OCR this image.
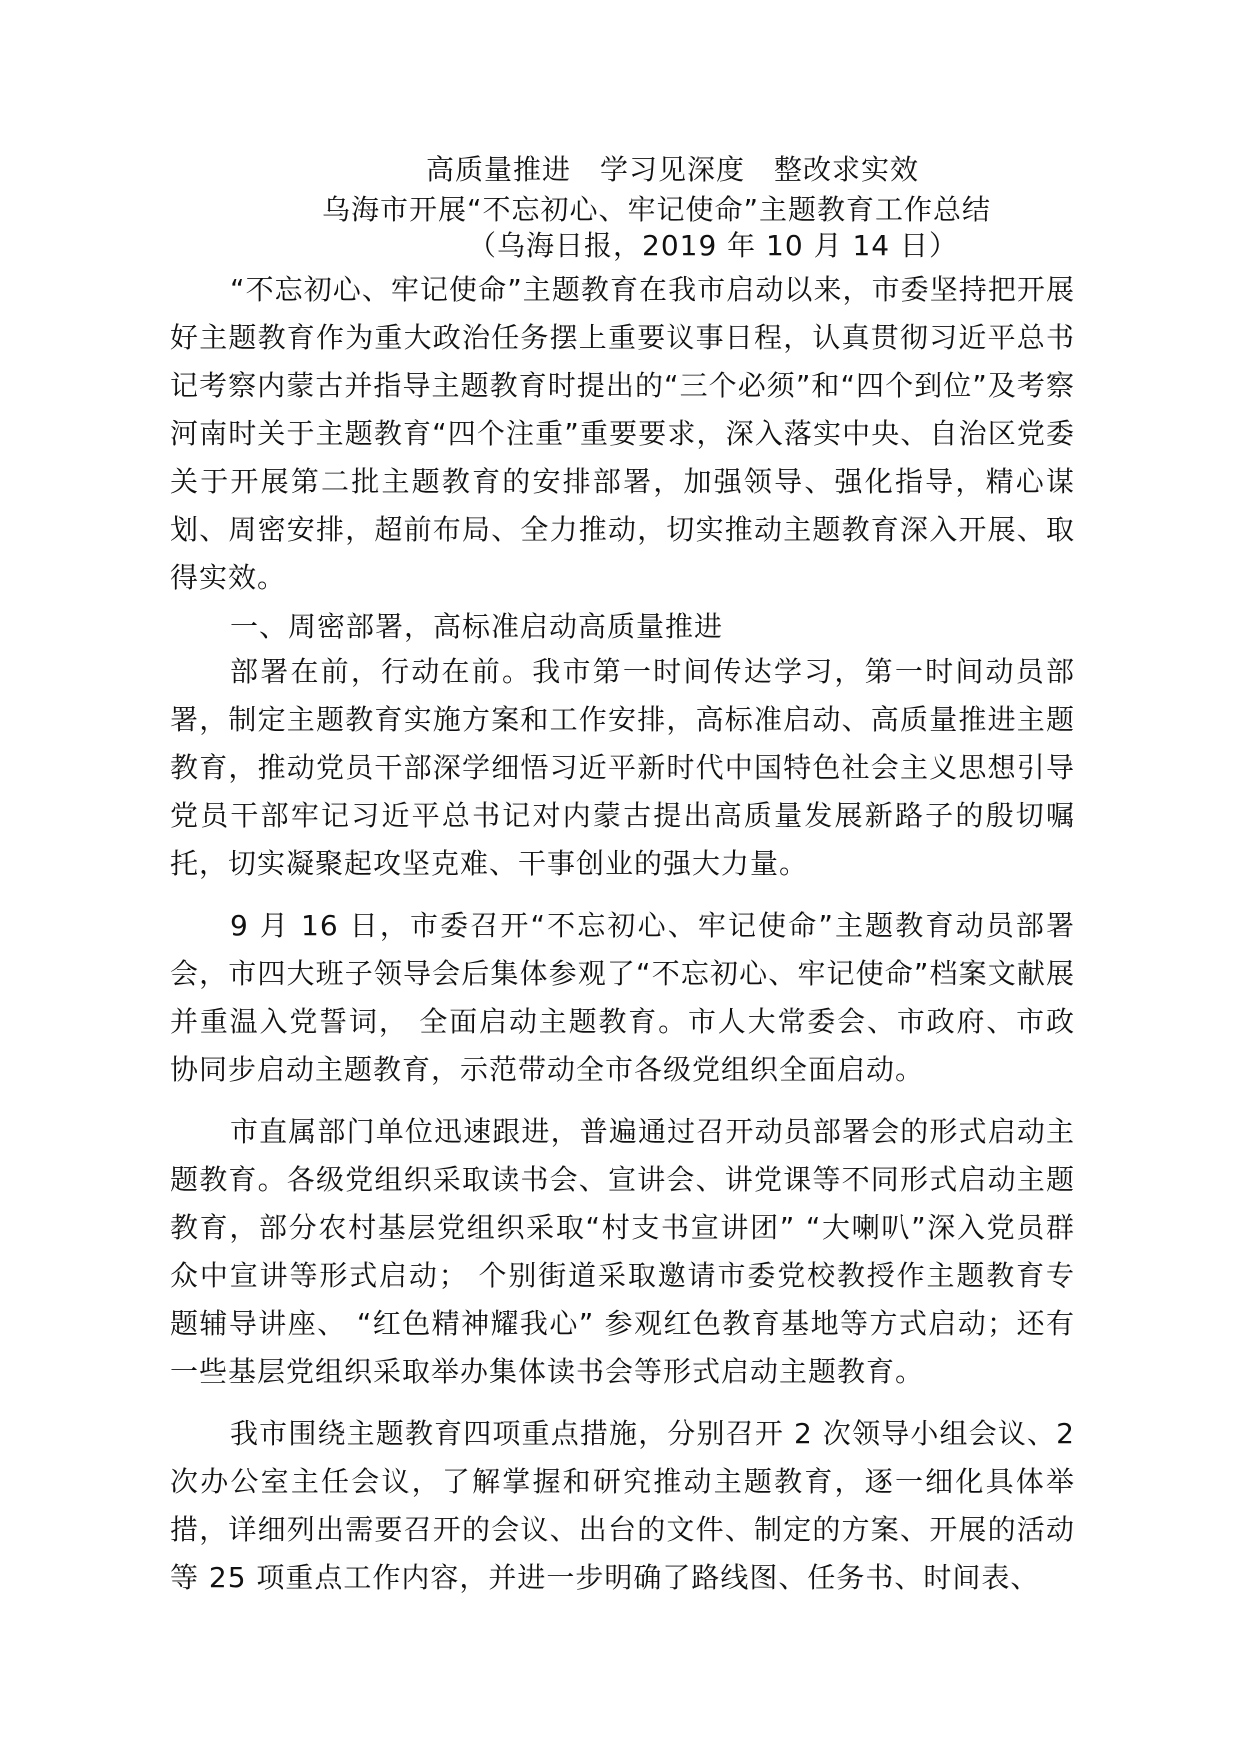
高质量推进　学习见深度　整改求实效
乌海市开展“不忘初心、牢记使命”主题教育工作总结
（乌海日报，2019 年 10 月 14 日）

“不忘初心、牢记使命”主题教育在我市启动以来，市委坚持把开展好主题教育作为重大政治任务摆上重要议事日程，认真贯彻习近平总书记考察内蒙古并指导主题教育时提出的“三个必须”和“四个到位”及考察河南时关于主题教育“四个注重”重要要求，深入落实中央、自治区党委关于开展第二批主题教育的安排部署，加强领导、强化指导，精心谋划、周密安排，超前布局、全力推动，切实推动主题教育深入开展、取得实效。

一、周密部署，高标准启动高质量推进

部署在前，行动在前。我市第一时间传达学习，第一时间动员部署，制定主题教育实施方案和工作安排，高标准启动、高质量推进主题教育，推动党员干部深学细悟习近平新时代中国特色社会主义思想引导党员干部牢记习近平总书记对内蒙古提出高质量发展新路子的殷切嘱托，切实凝聚起攻坚克难、干事创业的强大力量。

9 月 16 日，市委召开“不忘初心、牢记使命”主题教育动员部署会，市四大班子领导会后集体参观了“不忘初心、牢记使命”档案文献展并重温入党誓词， 全面启动主题教育。市人大常委会、市政府、市政协同步启动主题教育，示范带动全市各级党组织全面启动。

市直属部门单位迅速跟进，普遍通过召开动员部署会的形式启动主题教育。各级党组织采取读书会、宣讲会、讲党课等不同形式启动主题教育，部分农村基层党组织采取“村支书宣讲团” “大喇叭”深入党员群众中宣讲等形式启动； 个别街道采取邀请市委党校教授作主题教育专题辅导讲座、 “红色精神耀我心” 参观红色教育基地等方式启动；还有一些基层党组织采取举办集体读书会等形式启动主题教育。

我市围绕主题教育四项重点措施，分别召开 2 次领导小组会议、2 次办公室主任会议，了解掌握和研究推动主题教育，逐一细化具体举措，详细列出需要召开的会议、出台的文件、制定的方案、开展的活动等 25 项重点工作内容，并进一步明确了路线图、任务书、时间表、
